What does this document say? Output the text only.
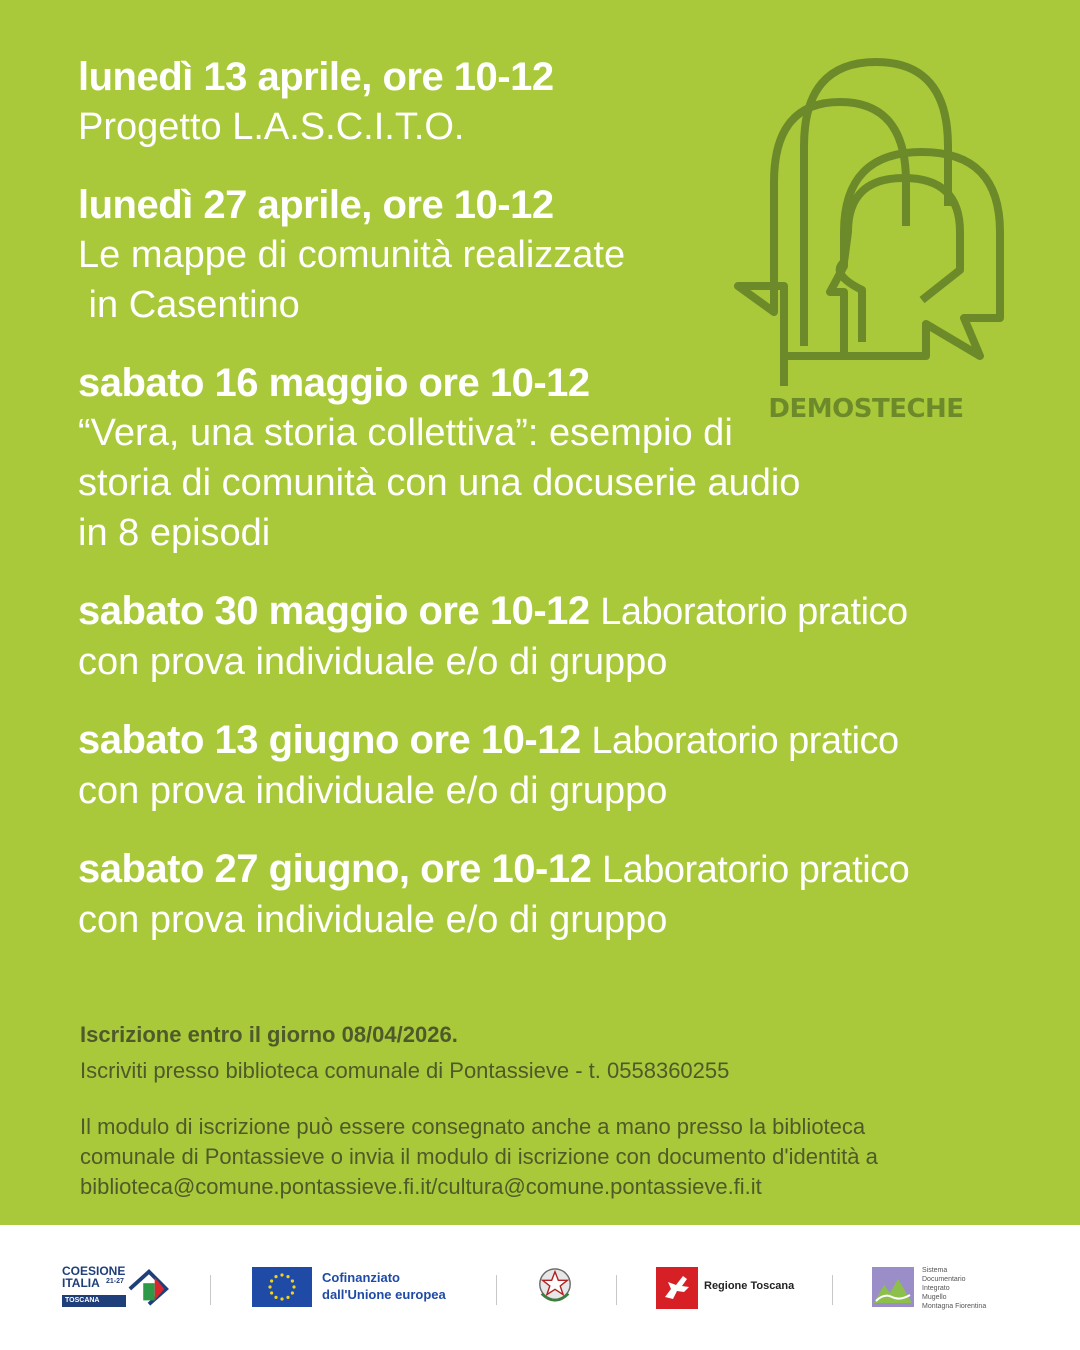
lunedì 13 aprile, ore 10-12
Progetto L.A.S.C.I.T.O.
lunedì 27 aprile, ore 10-12
Le mappe di comunità realizzate
in Casentino
sabato 16 maggio ore 10-12
“Vera, una storia collettiva”: esempio di
storia di comunità con una docuserie audio
in 8 episodi
sabato 30 maggio ore 10-12 Laboratorio pratico
con prova individuale e/o di gruppo
sabato 13 giugno ore 10-12 Laboratorio pratico
con prova individuale e/o di gruppo
sabato 27 giugno, ore 10-12 Laboratorio pratico
con prova individuale e/o di gruppo
DEMOSTECHE
Iscrizione entro il giorno 08/04/2026.
Iscriviti presso biblioteca comunale di Pontassieve - t. 0558360255
Il modulo di iscrizione può essere consegnato anche a mano presso la biblioteca
comunale di Pontassieve o invia il modulo di iscrizione con documento d'identità a
biblioteca@comune.pontassieve.fi.it/cultura@comune.pontassieve.fi.it
COESIONE
ITALIA 21-27
TOSCANA
Cofinanziato
dall'Unione europea
Regione Toscana
Sistema
Documentario
Integrato
Mugello
Montagna Fiorentina
